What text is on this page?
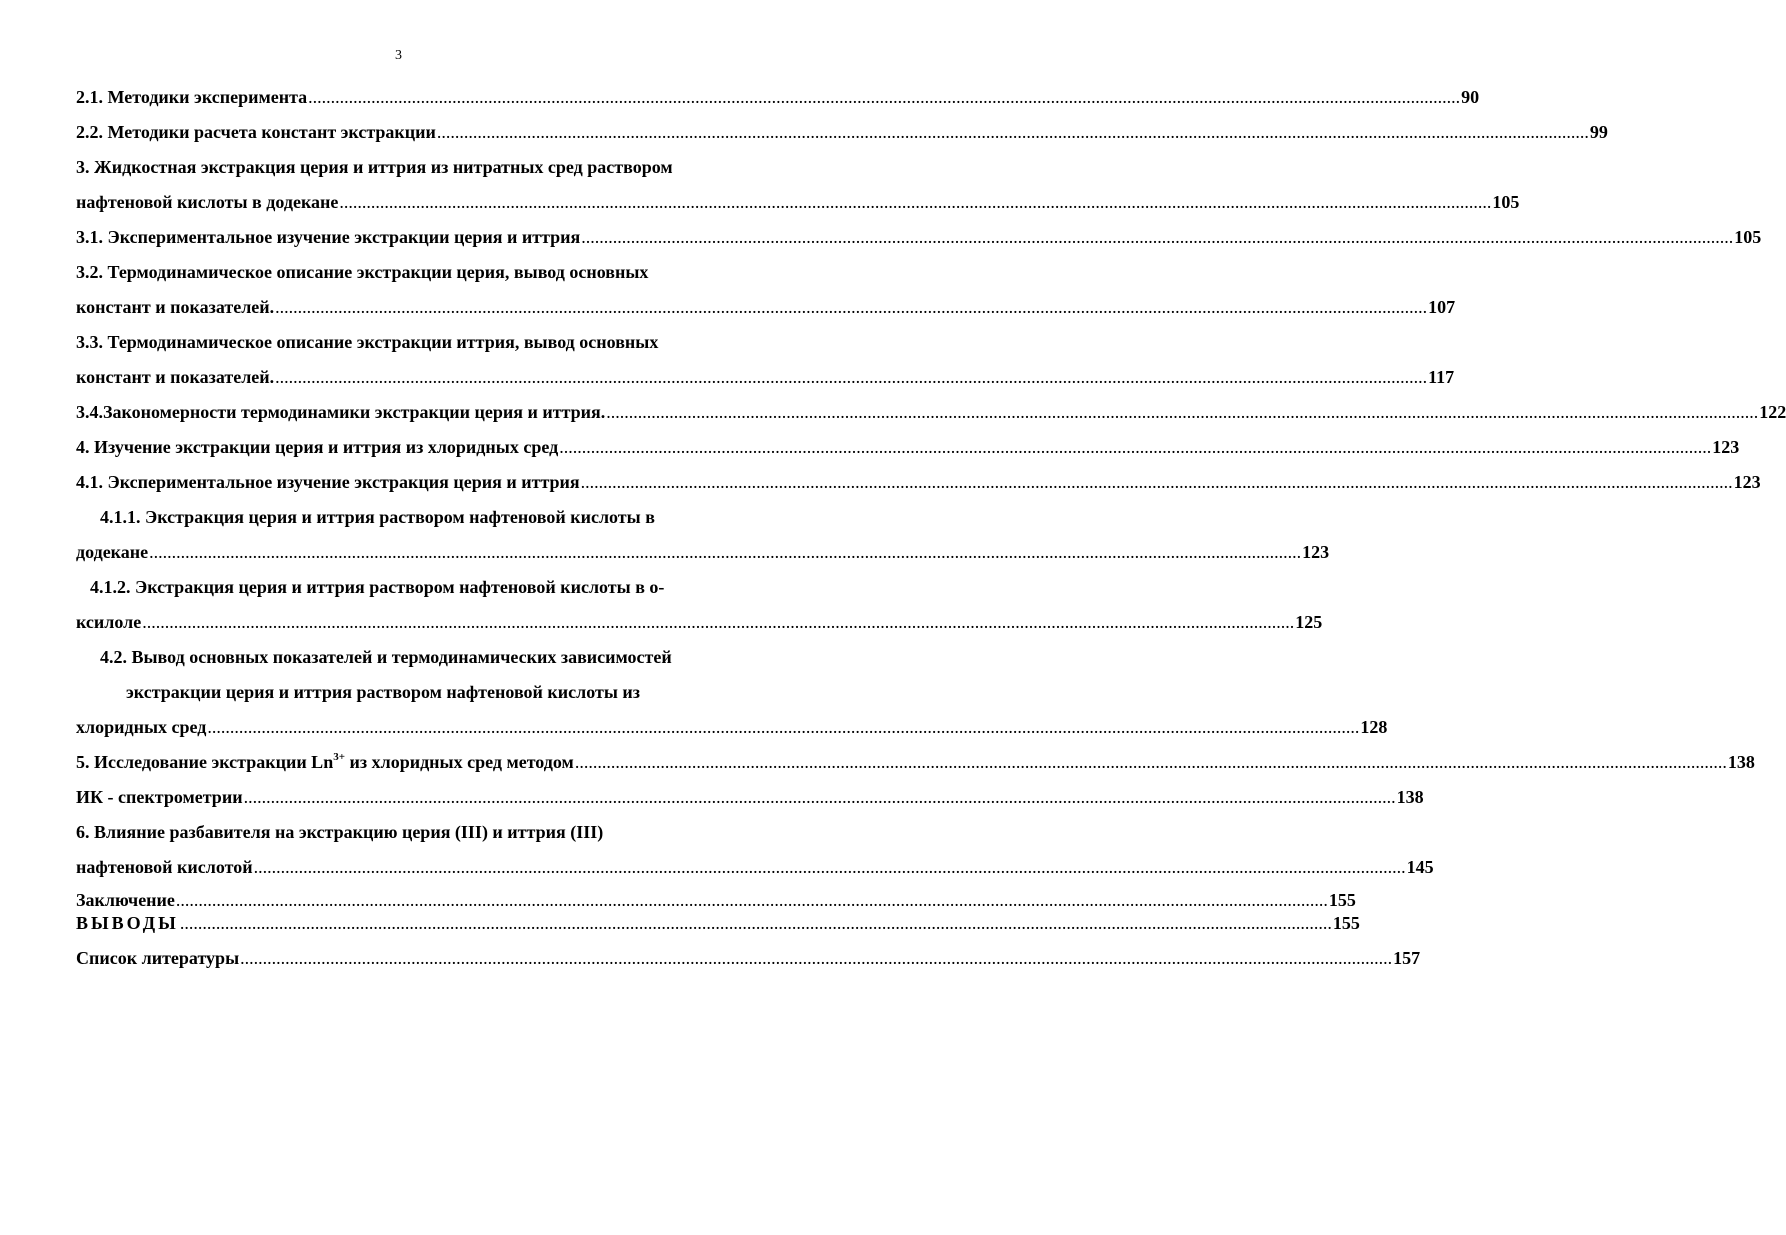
3
2.1. Методики эксперимента .....	90
2.2. Методики расчета констант экстракции .....	99
3. Жидкостная экстракция церия и иттрия из нитратных сред раствором
нафтеновой кислоты в додекане .....	105
3.1. Экспериментальное изучение экстракции церия и иттрия .....	105
3.2. Термодинамическое описание экстракции церия, вывод основных
констант и показателей. .....	107
3.3. Термодинамическое описание экстракции иттрия, вывод основных
констант и показателей. .....	117
3.4. Закономерности термодинамики экстракции церия и иттрия. .....	122
4. Изучение экстракции церия и иттрия из хлоридных сред .....	123
4.1. Экспериментальное изучение экстракция церия и иттрия .....	123
4.1.1. Экстракция церия и иттрия раствором нафтеновой кислоты в
додекане .....	123
4.1.2. Экстракция церия и иттрия раствором нафтеновой кислоты в о-
ксилоле .....	125
4.2. Вывод основных показателей и термодинамических зависимостей
экстракции церия и иттрия раствором нафтеновой кислоты из
хлоридных сред .....	128
5. Исследование экстракции $Ln^{3+}$ из хлоридных сред методом .....	138
ИК - спектрометрии .....	138
6. Влияние разбавителя на экстракцию церия (III) и иттрия (III)
нафтеновой кислотой .....	145
Заключение .....	155
ВЫВОДЫ .....	155
Список литературы .....	157
